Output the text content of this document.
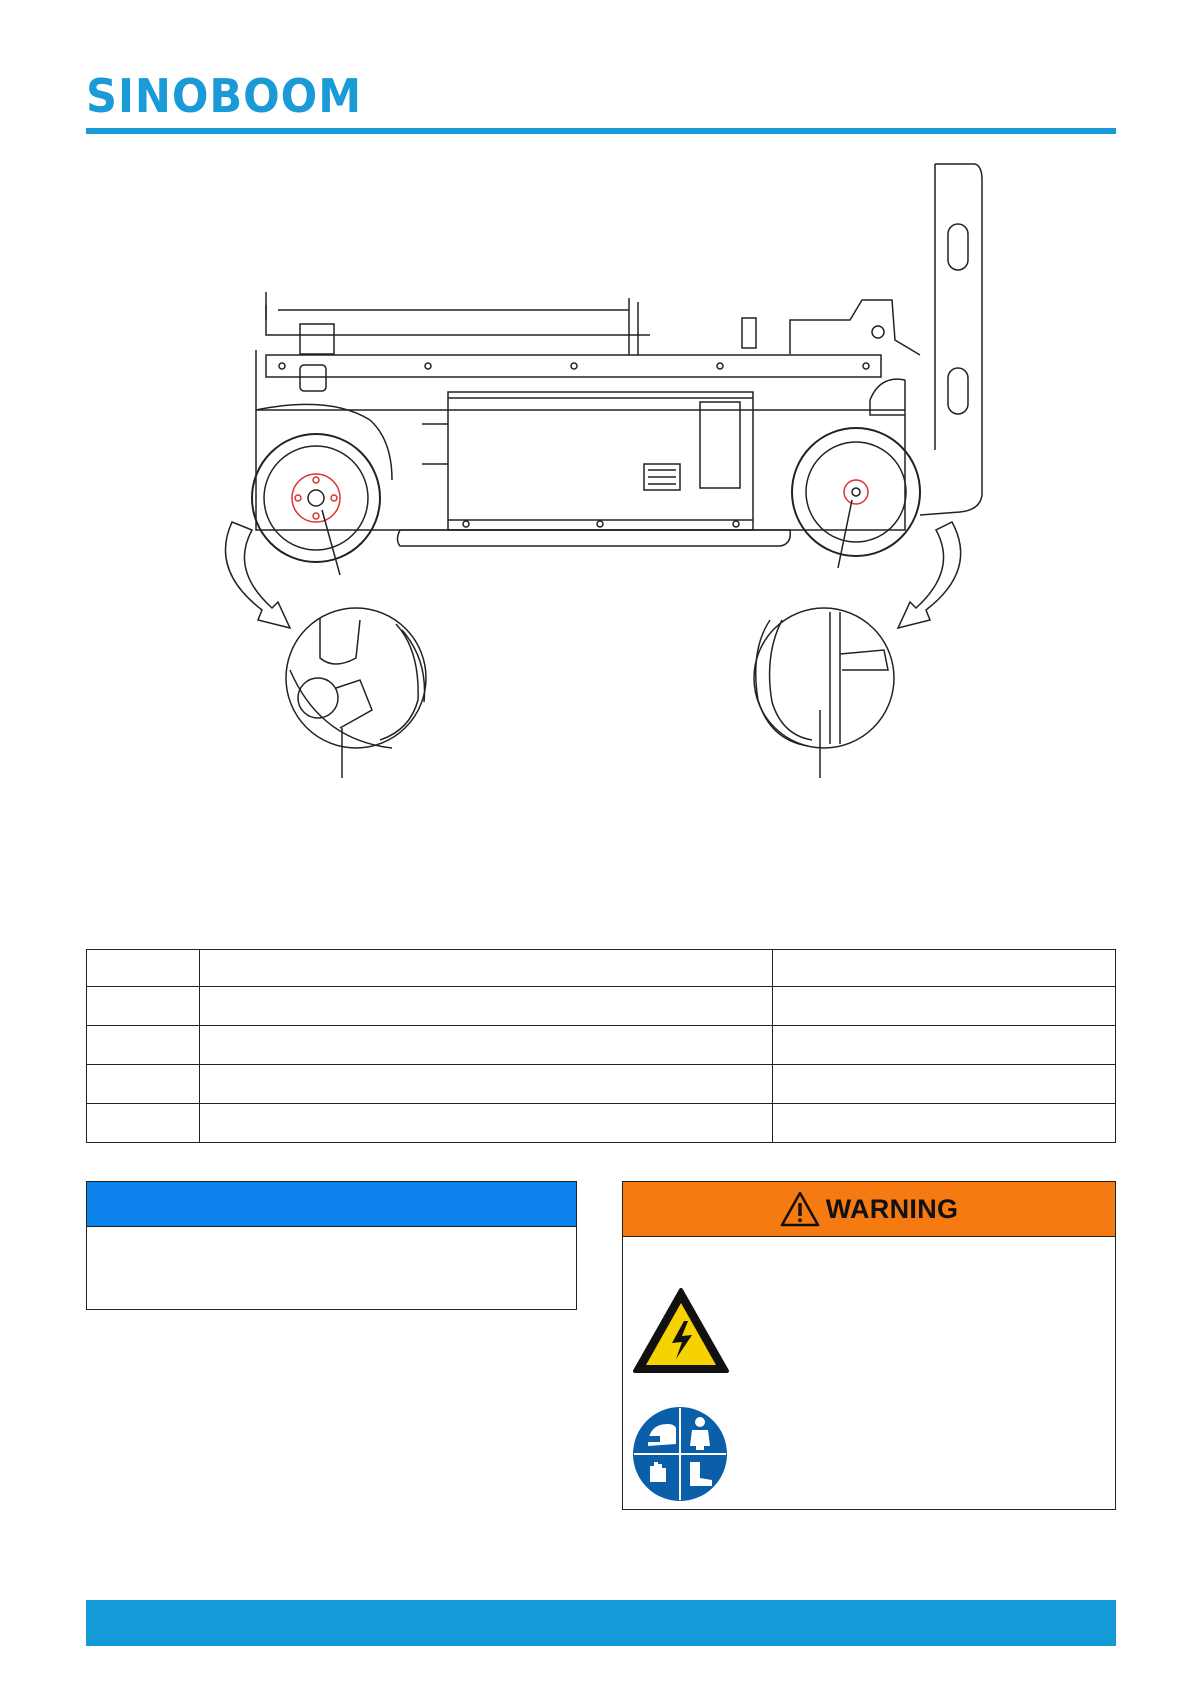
SINOBOOM

WARNING
